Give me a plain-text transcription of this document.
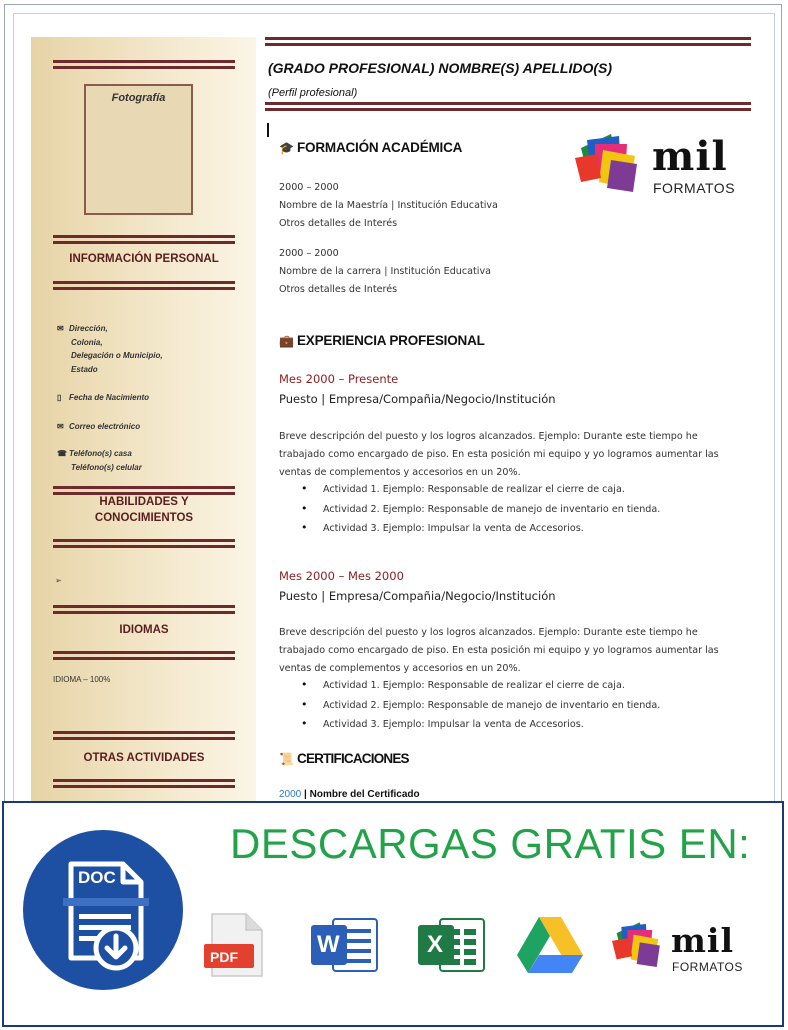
Fotografía
INFORMACIÓN PERSONAL
✉ Dirección,
Colonia,
Delegación o Municipio,
Estado
▯ Fecha de Nacimiento
✉ Correo electrónico
☎ Teléfono(s) casa
Teléfono(s) celular
HABILIDADES Y
CONOCIMIENTOS
➢
IDIOMAS
IDIOMA – 100%
OTRAS ACTIVIDADES
(GRADO PROFESIONAL) NOMBRE(S) APELLIDO(S)
(Perfil profesional)
mil
FORMATOS
🎓 FORMACIÓN ACADÉMICA
2000 – 2000
Nombre de la Maestría | Institución Educativa
Otros detalles de Interés
2000 – 2000
Nombre de la carrera | Institución Educativa
Otros detalles de Interés
💼 EXPERIENCIA PROFESIONAL
Mes 2000 – Presente
Puesto | Empresa/Compañia/Negocio/Institución
Breve descripción del puesto y los logros alcanzados. Ejemplo: Durante este tiempo he trabajado como encargado de piso. En esta posición mi equipo y yo logramos aumentar las ventas de complementos y accesorios en un 20%.
• Actividad 1. Ejemplo: Responsable de realizar el cierre de caja.
• Actividad 2. Ejemplo: Responsable de manejo de inventario en tienda.
• Actividad 3. Ejemplo: Impulsar la venta de Accesorios.
Mes 2000 – Mes 2000
Puesto | Empresa/Compañia/Negocio/Institución
Breve descripción del puesto y los logros alcanzados. Ejemplo: Durante este tiempo he trabajado como encargado de piso. En esta posición mi equipo y yo logramos aumentar las ventas de complementos y accesorios en un 20%.
• Actividad 1. Ejemplo: Responsable de realizar el cierre de caja.
• Actividad 2. Ejemplo: Responsable de manejo de inventario en tienda.
• Actividad 3. Ejemplo: Impulsar la venta de Accesorios.
📜 CERTIFICACIONES
2000 | Nombre del Certificado
DESCARGAS GRATIS EN:
DOC
PDF	W	X	mil
FORMATOS
